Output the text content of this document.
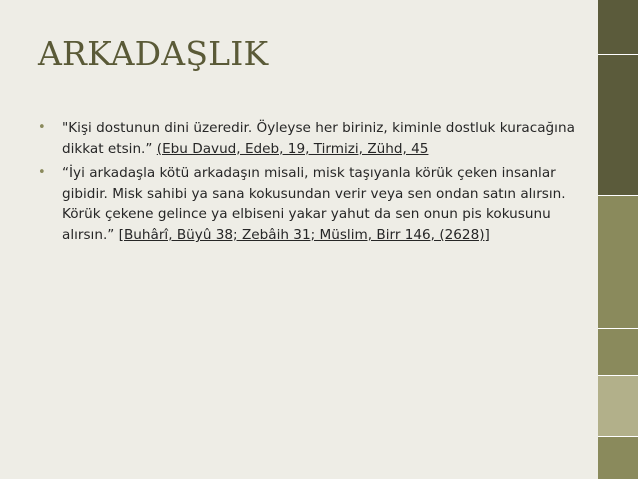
ARKADAŞLIK
• "Kişi dostunun dini üzeredir. Öyleyse her biriniz, kiminle dostluk kuracağına dikkat etsin.” (Ebu Davud, Edeb, 19, Tirmizi, Zühd, 45
• “İyi arkadaşla kötü arkadaşın misali, misk taşıyanla körük çeken insanlar gibidir. Misk sahibi ya sana kokusundan verir veya sen ondan satın alırsın. Körük çekene gelince ya elbiseni yakar yahut da sen onun pis kokusunu alırsın.” [Buhârî, Büyû 38; Zebâih 31; Müslim, Birr 146, (2628)]
